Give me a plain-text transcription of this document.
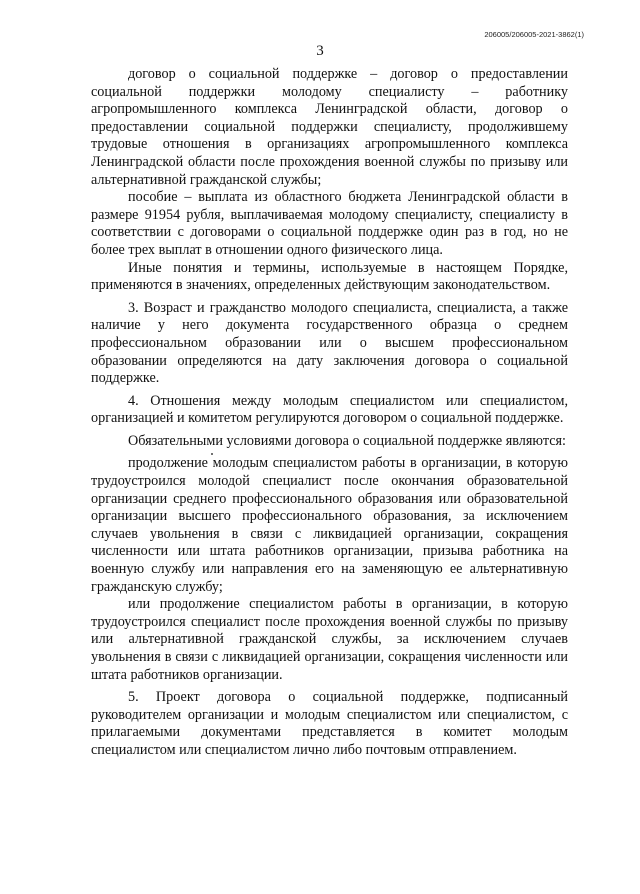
206005/206005-2021-3862(1)
3

договор о социальной поддержке – договор о предоставлении социальной поддержки молодому специалисту – работнику агропромышленного комплекса Ленинградской области, договор о предоставлении социальной поддержки специалисту, продолжившему трудовые отношения в организациях агропромышленного комплекса Ленинградской области после прохождения военной службы по призыву или альтернативной гражданской службы;

пособие – выплата из областного бюджета Ленинградской области в размере 91954 рубля, выплачиваемая молодому специалисту, специалисту в соответствии с договорами о социальной поддержке один раз в год, но не более трех выплат в отношении одного физического лица.

Иные понятия и термины, используемые в настоящем Порядке, применяются в значениях, определенных действующим законодательством.

3. Возраст и гражданство молодого специалиста, специалиста, а также наличие у него документа государственного образца о среднем профессиональном образовании или о высшем профессиональном образовании определяются на дату заключения договора о социальной поддержке.

4. Отношения между молодым специалистом или специалистом, организацией и комитетом регулируются договором о социальной поддержке.

Обязательными условиями договора о социальной поддержке являются:

продолжение молодым специалистом работы в организации, в которую трудоустроился молодой специалист после окончания образовательной организации среднего профессионального образования или образовательной организации высшего профессионального образования, за исключением случаев увольнения в связи с ликвидацией организации, сокращения численности или штата работников организации, призыва работника на военную службу или направления его на заменяющую ее альтернативную гражданскую службу;

или продолжение специалистом работы в организации, в которую трудоустроился специалист после прохождения военной службы по призыву или альтернативной гражданской службы, за исключением случаев увольнения в связи с ликвидацией организации, сокращения численности или штата работников организации.

5. Проект договора о социальной поддержке, подписанный руководителем организации и молодым специалистом или специалистом, с прилагаемыми документами представляется в комитет молодым специалистом или специалистом лично либо почтовым отправлением.
